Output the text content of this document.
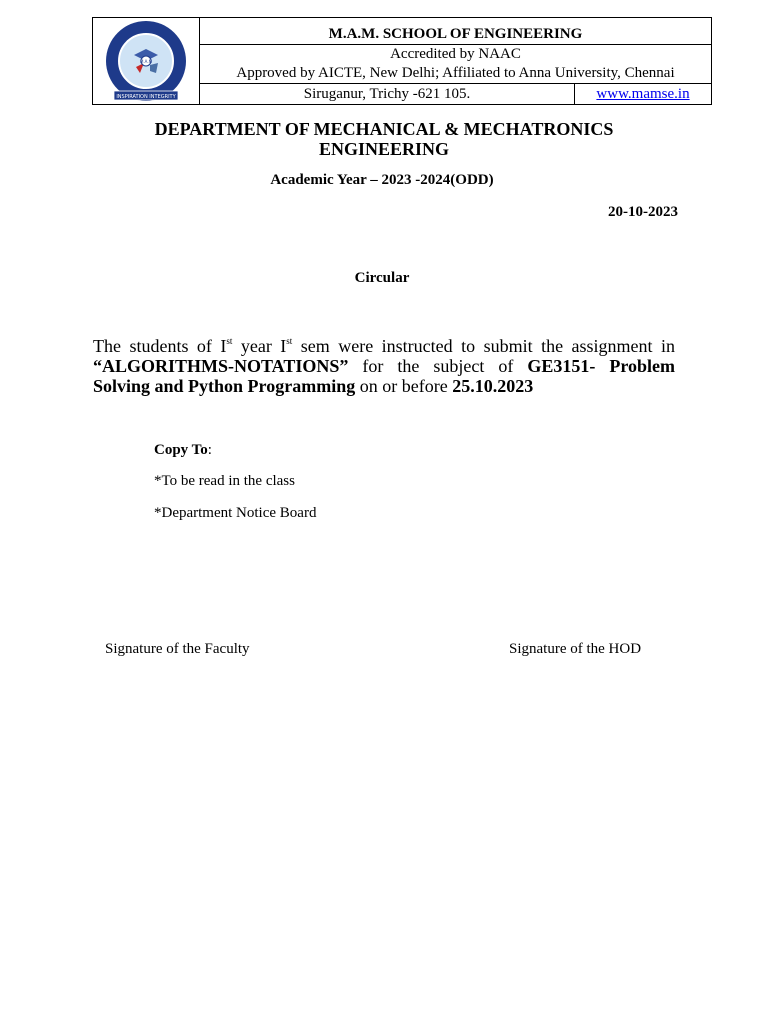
M.A.M
INSPIRATION INTEGRITY
M.A.M. SCHOOL OF ENGINEERING
Accredited by NAAC
Approved by AICTE, New Delhi; Affiliated to Anna University, Chennai
Siruganur, Trichy -621 105.	www.mamse.in
DEPARTMENT OF MECHANICAL & MECHATRONICS ENGINEERING
Academic Year – 2023 -2024(ODD)
20-10-2023
Circular
The students of Ist year Ist sem were instructed to submit the assignment in “ALGORITHMS-NOTATIONS” for the subject of GE3151- Problem Solving and Python Programming on or before 25.10.2023
Copy To:
*To be read in the class
*Department Notice Board
Signature of the Faculty	Signature of the HOD
